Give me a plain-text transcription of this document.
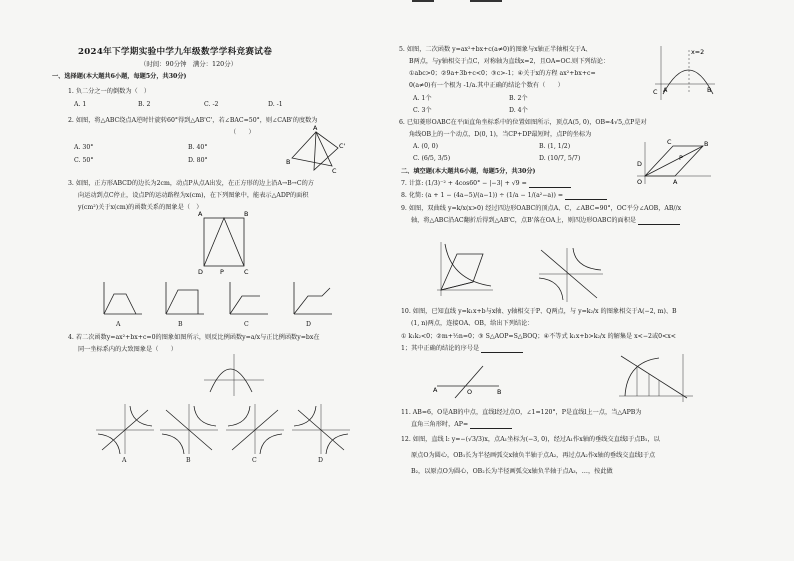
2024年下学期实验中学九年级数学学科竞赛试卷
（时间：90分钟　满分：120分）
一、选择题(本大题共6小题，每题5分，共30分)
1. 负二分之一的倒数为（　）
A. 1	B. 2	C. -2	D. -1
2. 如图，将△ABC绕点A逆时针旋转60°得到△AB'C'，若∠BAC=50°，则∠CAB'的度数为
（　　）
A. 30°	B. 40°
C. 50°	D. 80°	B
A
C
C'
3. 如图，正方形ABCD的边长为2cm，动点P从点A出发，在正方形的边上沿A→B→C的方
向运动到点C停止，设点P的运动路程为x(cm)，在下列图象中，能表示△ADP的面积
y(cm²)关于x(cm)的函数关系的图象是（　）
A	B
D	P	C
A	B	C	D
4. 若二次函数y=ax²+bx+c=0的图象如图所示，则反比例函数y=a/x与正比例函数y=bx在
同一坐标系内的大致图象是（　　）
A	B	C	D
5. 如图，二次函数 y=ax²+bx+c(a≠0)的图象与x轴正半轴相交于A、
B两点，与y轴相交于点C，对称轴为直线x=2，且OA=OC.则下列结论：
①abc>0；②9a+3b+c<0；③c>-1；④关于x的方程 ax²+bx+c=
0(a≠0)有一个根为 -1/a.其中正确的结论个数有（　　）
A. 1个	B. 2个
C. 3个	D. 4个
x=2
C A	B
6. 已知菱形OABC在平面直角坐标系中的位置如图所示，顶点A(5, 0)，OB=4√5,点P是对
角线OB上的一个动点，D(0, 1)，当CP+DP最短时，点P的坐标为
A. (0, 0)	B. (1, 1/2)
C. (6/5, 3/5)	D. (10/7, 5/7)
C	B
A
O
D
P
二、填空题(本大题共6小题，每题5分，共30分)
7. 计算: (1/3)⁻² + 4cos60° − |−3| + √9 =
8. 化简: (a + 1 − (4a−5)/(a−1)) ÷ (1/a − 1/(a²−a)) =
9. 如图，双曲线 y=k/x(x>0) 经过四边形OABC的顶点A、C，∠ABC=90°，OC平分∠AOB，AB//x
轴，将△ABC沿AC翻折后得到△AB'C，点B'落在OA上，则四边形OABC的面积是
10. 如图，已知直线 y=k₁x+b与x轴、y轴相交于P、Q两点，与 y=k₂/x 的图象相交于A(−2, m)、B
(1, n)两点，连接OA、OB，给出下列结论：
① k₁k₂<0；②m+½n=0；③ S△AOP=S△BOQ；④不等式 k₁x+b>k₂/x 的解集是 x<−2或0<x<
1；其中正确的结论的序号是
A	B
O
11. AB=6，O是AB的中点，直线l经过点O，∠1=120°，P是直线l上一点，当△APB为
直角三角形时，AP=
12. 如图，直线 l: y=−(√3/3)x，点A₁坐标为(−3, 0)，经过A₁作x轴的垂线交直线l于点B₁，以
原点O为圆心，OB₁长为半径画弧交x轴负半轴于点A₂，再过点A₂作x轴的垂线交直线l于点
B₂，以原点O为圆心，OB₂长为半径画弧交x轴负半轴于点A₃，…，按此做
